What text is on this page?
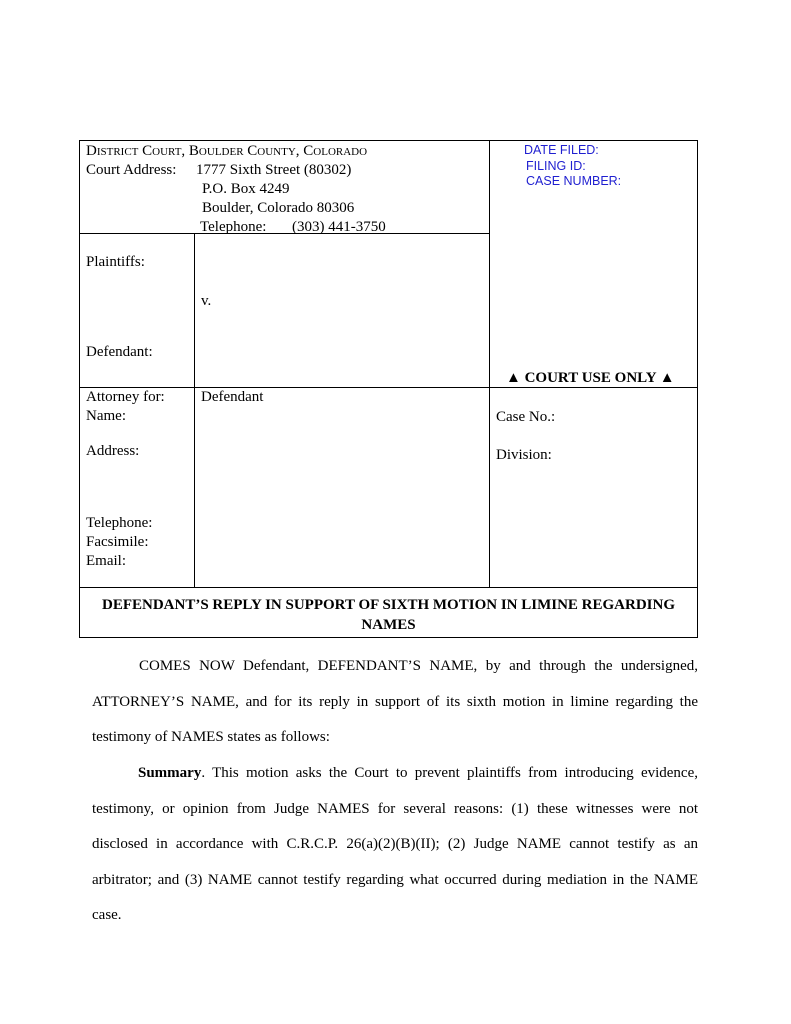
District Court, Boulder County, Colorado
Court Address: 1777 Sixth Street (80302)
P.O. Box 4249
Boulder, Colorado 80306
Telephone: (303) 441-3750
DATE FILED:
FILING ID:
CASE NUMBER:
Plaintiffs:
v.
Defendant:
▲ COURT USE ONLY ▲
Attorney for:
Name:
Defendant
Address:
Telephone:
Facsimile:
Email:
Case No.:
Division:
DEFENDANT’S REPLY IN SUPPORT OF SIXTH MOTION IN LIMINE REGARDING
NAMES
COMES NOW Defendant, DEFENDANT’S NAME, by and through the undersigned,
ATTORNEY’S NAME, and for its reply in support of its sixth motion in limine regarding the
testimony of NAMES states as follows:
Summary. This motion asks the Court to prevent plaintiffs from introducing evidence,
testimony, or opinion from Judge NAMES for several reasons: (1) these witnesses were not
disclosed in accordance with C.R.C.P. 26(a)(2)(B)(II); (2) Judge NAME cannot testify as an
arbitrator; and (3) NAME cannot testify regarding what occurred during mediation in the NAME
case.
